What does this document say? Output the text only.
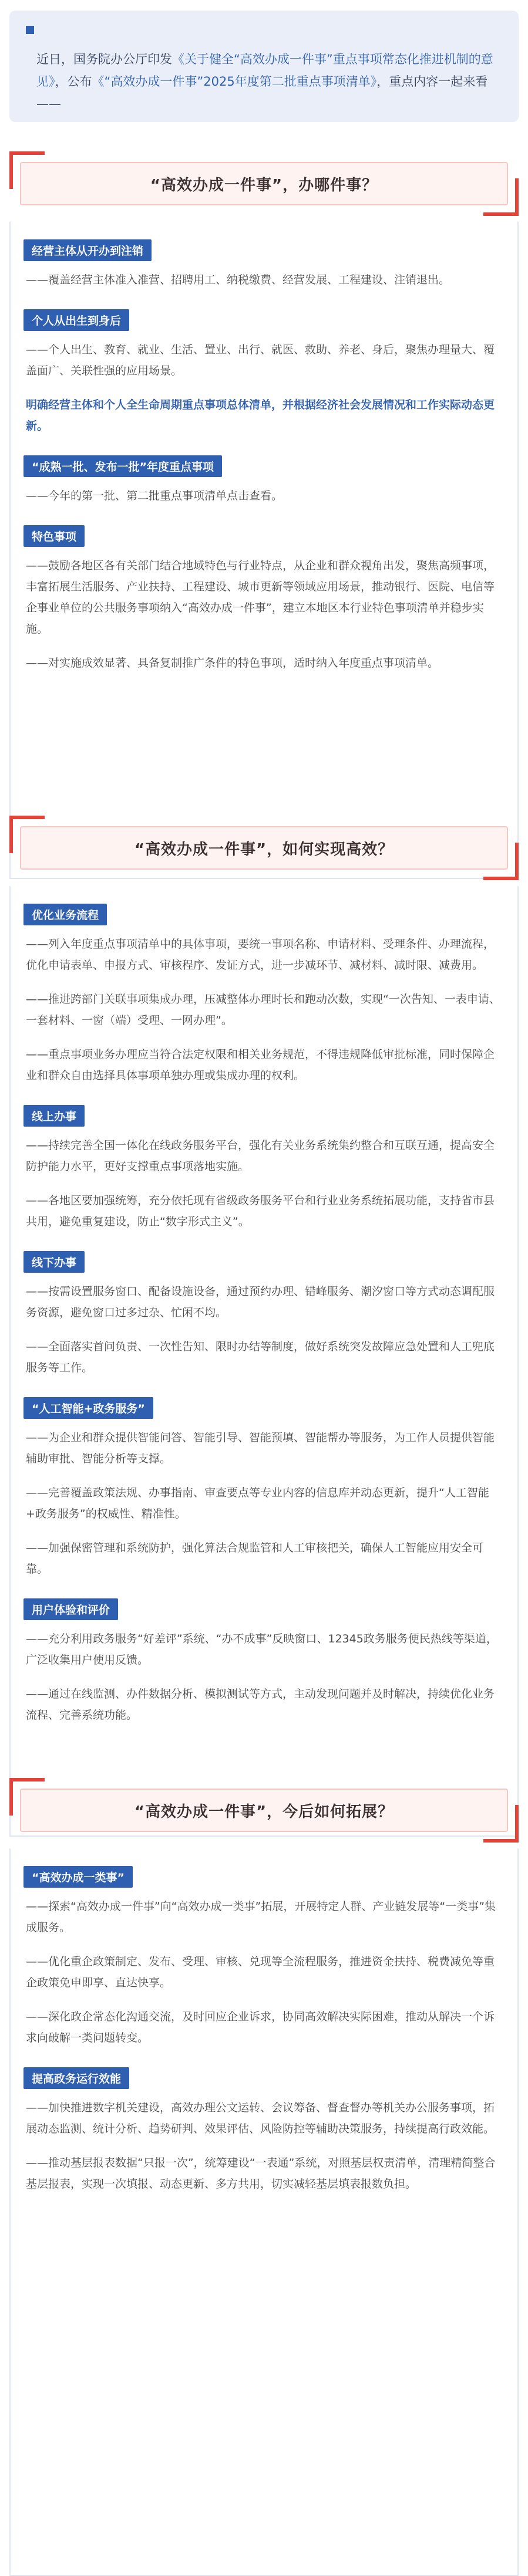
近日，国务院办公厅印发《关于健全“高效办成一件事”重点事项常态化推进机制的意见》，公布《“高效办成一件事”2025年度第二批重点事项清单》，重点内容一起来看——

“高效办成一件事”，办哪件事？
经营主体从开办到注销

——覆盖经营主体准入准营、招聘用工、纳税缴费、经营发展、工程建设、注销退出。

个人从出生到身后

——个人出生、教育、就业、生活、置业、出行、就医、救助、养老、身后，聚焦办理量大、覆盖面广、关联性强的应用场景。

明确经营主体和个人全生命周期重点事项总体清单，并根据经济社会发展情况和工作实际动态更新。

“成熟一批、发布一批”年度重点事项

——今年的第一批、第二批重点事项清单点击查看。

特色事项

——鼓励各地区各有关部门结合地域特色与行业特点，从企业和群众视角出发，聚焦高频事项，丰富拓展生活服务、产业扶持、工程建设、城市更新等领域应用场景，推动银行、医院、电信等企事业单位的公共服务事项纳入“高效办成一件事”，建立本地区本行业特色事项清单并稳步实施。

——对实施成效显著、具备复制推广条件的特色事项，适时纳入年度重点事项清单。

“高效办成一件事”，如何实现高效？
优化业务流程

——列入年度重点事项清单中的具体事项，要统一事项名称、申请材料、受理条件、办理流程，优化申请表单、申报方式、审核程序、发证方式，进一步减环节、减材料、减时限、减费用。

——推进跨部门关联事项集成办理，压减整体办理时长和跑动次数，实现“一次告知、一表申请、一套材料、一窗（端）受理、一网办理”。

——重点事项业务办理应当符合法定权限和相关业务规范，不得违规降低审批标准，同时保障企业和群众自由选择具体事项单独办理或集成办理的权利。

线上办事

——持续完善全国一体化在线政务服务平台，强化有关业务系统集约整合和互联互通，提高安全防护能力水平，更好支撑重点事项落地实施。

——各地区要加强统筹，充分依托现有省级政务服务平台和行业业务系统拓展功能，支持省市县共用，避免重复建设，防止“数字形式主义”。

线下办事

——按需设置服务窗口、配备设施设备，通过预约办理、错峰服务、潮汐窗口等方式动态调配服务资源，避免窗口过多过杂、忙闲不均。

——全面落实首问负责、一次性告知、限时办结等制度，做好系统突发故障应急处置和人工兜底服务等工作。

“人工智能+政务服务”

——为企业和群众提供智能问答、智能引导、智能预填、智能帮办等服务，为工作人员提供智能辅助审批、智能分析等支撑。

——完善覆盖政策法规、办事指南、审查要点等专业内容的信息库并动态更新，提升“人工智能+政务服务”的权威性、精准性。

——加强保密管理和系统防护，强化算法合规监管和人工审核把关，确保人工智能应用安全可靠。

用户体验和评价

——充分利用政务服务“好差评”系统、“办不成事”反映窗口、12345政务服务便民热线等渠道，广泛收集用户使用反馈。

——通过在线监测、办件数据分析、模拟测试等方式，主动发现问题并及时解决，持续优化业务流程、完善系统功能。

“高效办成一件事”，今后如何拓展？
“高效办成一类事”

——探索“高效办成一件事”向“高效办成一类事”拓展，开展特定人群、产业链发展等“一类事”集成服务。

——优化重企政策制定、发布、受理、审核、兑现等全流程服务，推进资金扶持、税费减免等重企政策免申即享、直达快享。

——深化政企常态化沟通交流，及时回应企业诉求，协同高效解决实际困难，推动从解决一个诉求向破解一类问题转变。

提高政务运行效能

——加快推进数字机关建设，高效办理公文运转、会议筹备、督查督办等机关办公服务事项，拓展动态监测、统计分析、趋势研判、效果评估、风险防控等辅助决策服务，持续提高行政效能。

——推动基层报表数据“只报一次”，统筹建设“一表通”系统，对照基层权责清单，清理精简整合基层报表，实现一次填报、动态更新、多方共用，切实减轻基层填表报数负担。
